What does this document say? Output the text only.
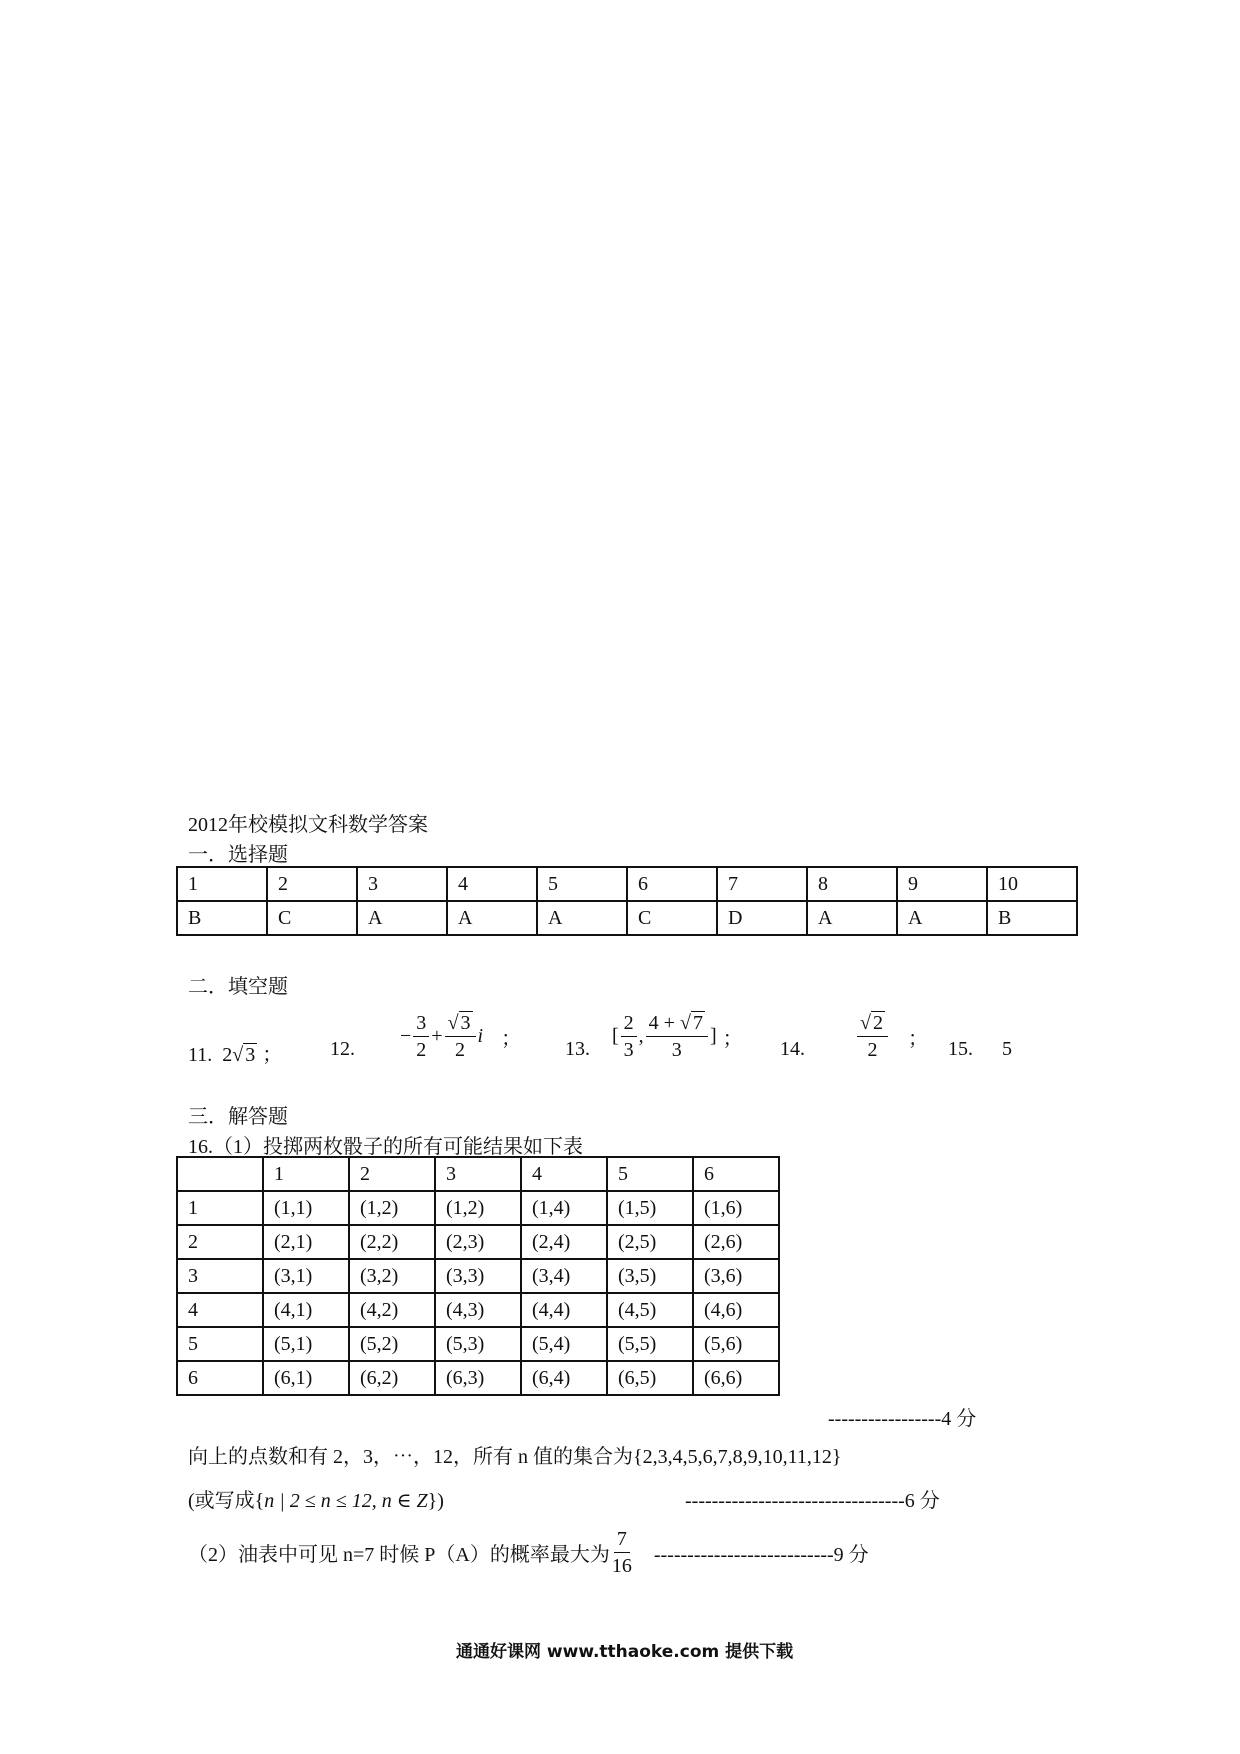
2012年校模拟文科数学答案
一．选择题
1	2	3	4	5	6	7	8	9	10
B	C	A	A	A	C	D	A	A	B
二．填空题
11. 2√ 3 ； 12.
− $\frac{3}{2} + \frac{√ 3}{2}$ i ； 13.
[ $\frac{2}{3}$ , $\frac{4 + √ 7}{3}$ ] ； 14.	$\frac{√ 2}{2}$ ； 15. 5
三．解答题
16.（1）投掷两枚骰子的所有可能结果如下表
	1	2	3	4	5	6
1	(1,1)	(1,2)	(1,2)	(1,4)	(1,5)	(1,6)
2	(2,1)	(2,2)	(2,3)	(2,4)	(2,5)	(2,6)
3	(3,1)	(3,2)	(3,3)	(3,4)	(3,5)	(3,6)
4	(4,1)	(4,2)	(4,3)	(4,4)	(4,5)	(4,6)
5	(5,1)	(5,2)	(5,3)	(5,4)	(5,5)	(5,6)
6	(6,1)	(6,2)	(6,3)	(6,4)	(6,5)	(6,6)
-----------------4 分
向上的点数和有 2，3，⋯，12，所有 n 值的集合为{2,3,4,5,6,7,8,9,10,11,12}
(或写成{n | 2 ≤ n ≤ 12, n ∈ Z})	---------------------------------6 分
（2）油表中可见 n=7 时候 P（A）的概率最大为 $\frac{7}{16} ---------------------------9$ 分
通通好课网 www.tthaoke.com 提供下载
